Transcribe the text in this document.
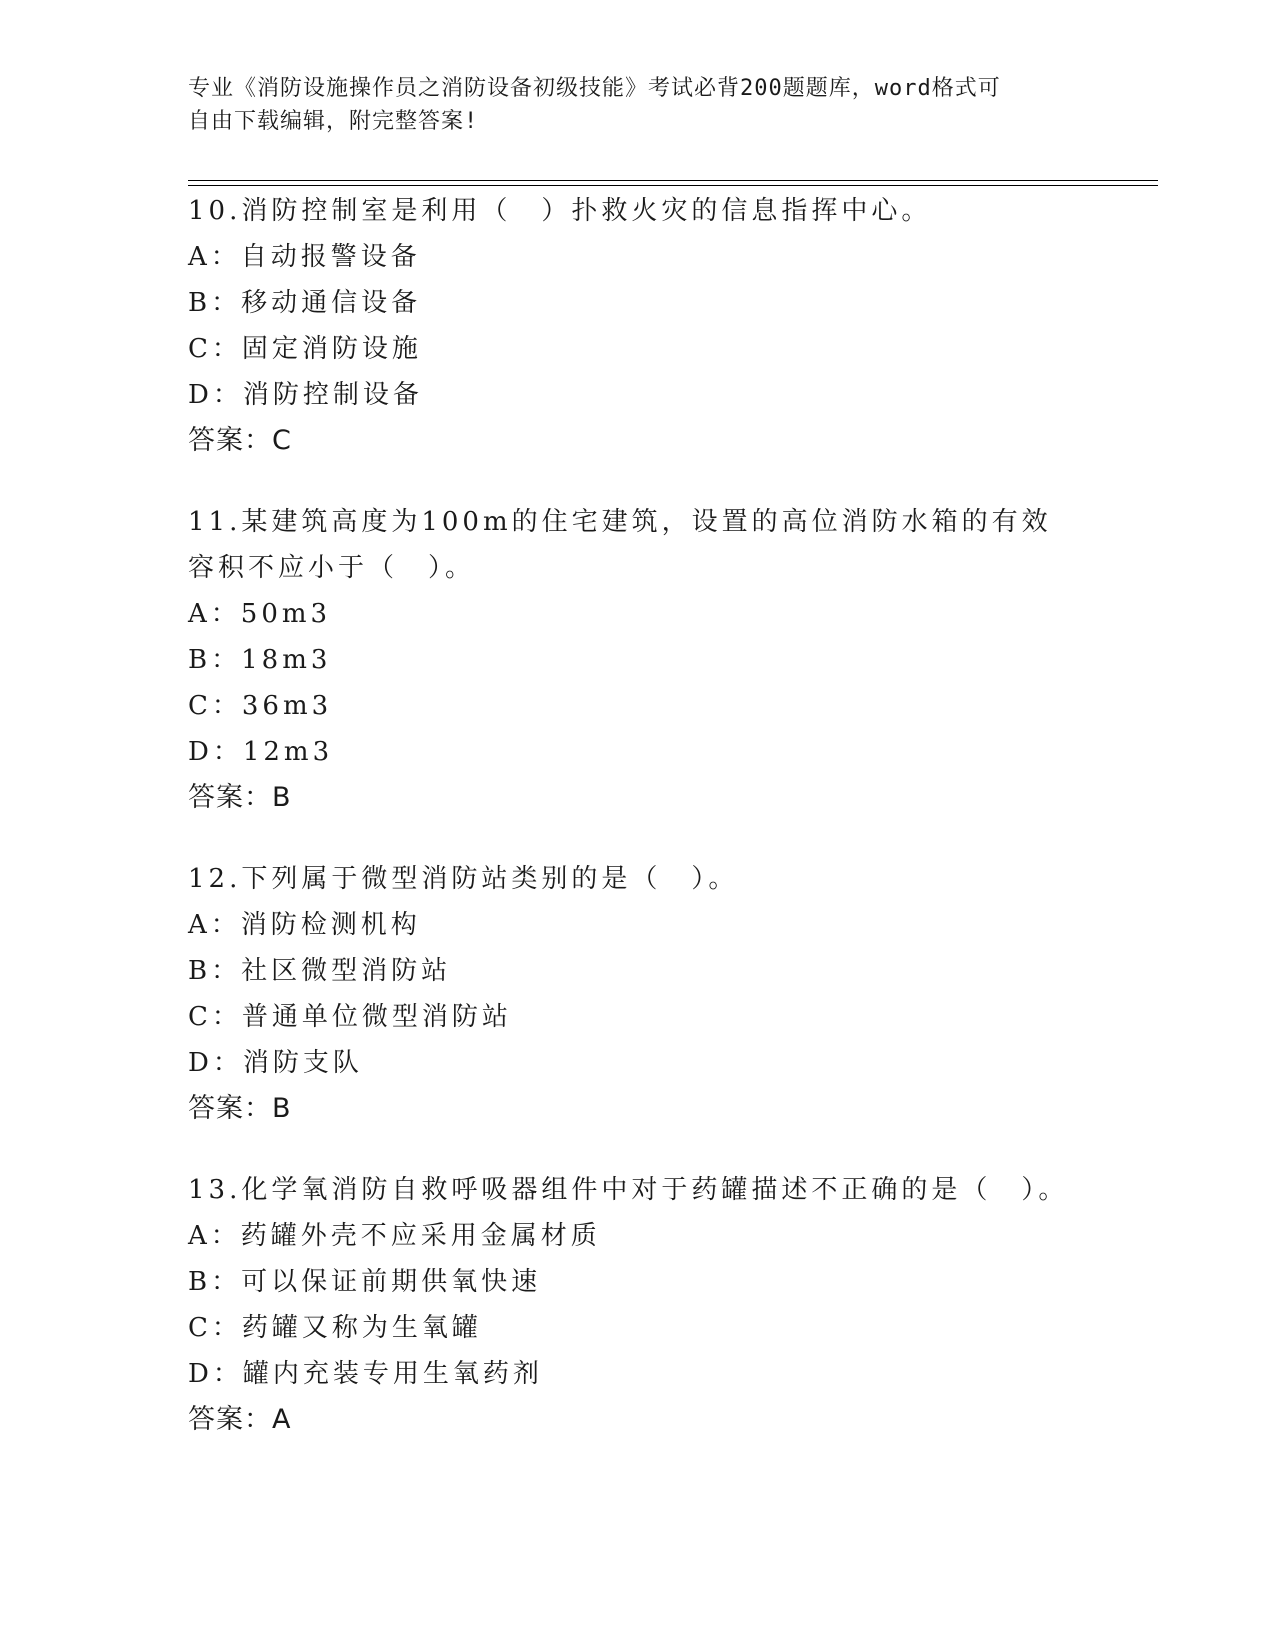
专业《消防设施操作员之消防设备初级技能》考试必背200题题库，word格式可
自由下载编辑，附完整答案!
10.消防控制室是利用（　）扑救火灾的信息指挥中心。
A：自动报警设备
B：移动通信设备
C：固定消防设施
D：消防控制设备
答案：C
11.某建筑高度为100m的住宅建筑，设置的高位消防水箱的有效容积不应小于（　）。
A：50m3
B：18m3
C：36m3
D：12m3
答案：B
12.下列属于微型消防站类别的是（　）。
A：消防检测机构
B：社区微型消防站
C：普通单位微型消防站
D：消防支队
答案：B
13.化学氧消防自救呼吸器组件中对于药罐描述不正确的是（　）。
A：药罐外壳不应采用金属材质
B：可以保证前期供氧快速
C：药罐又称为生氧罐
D：罐内充装专用生氧药剂
答案：A
